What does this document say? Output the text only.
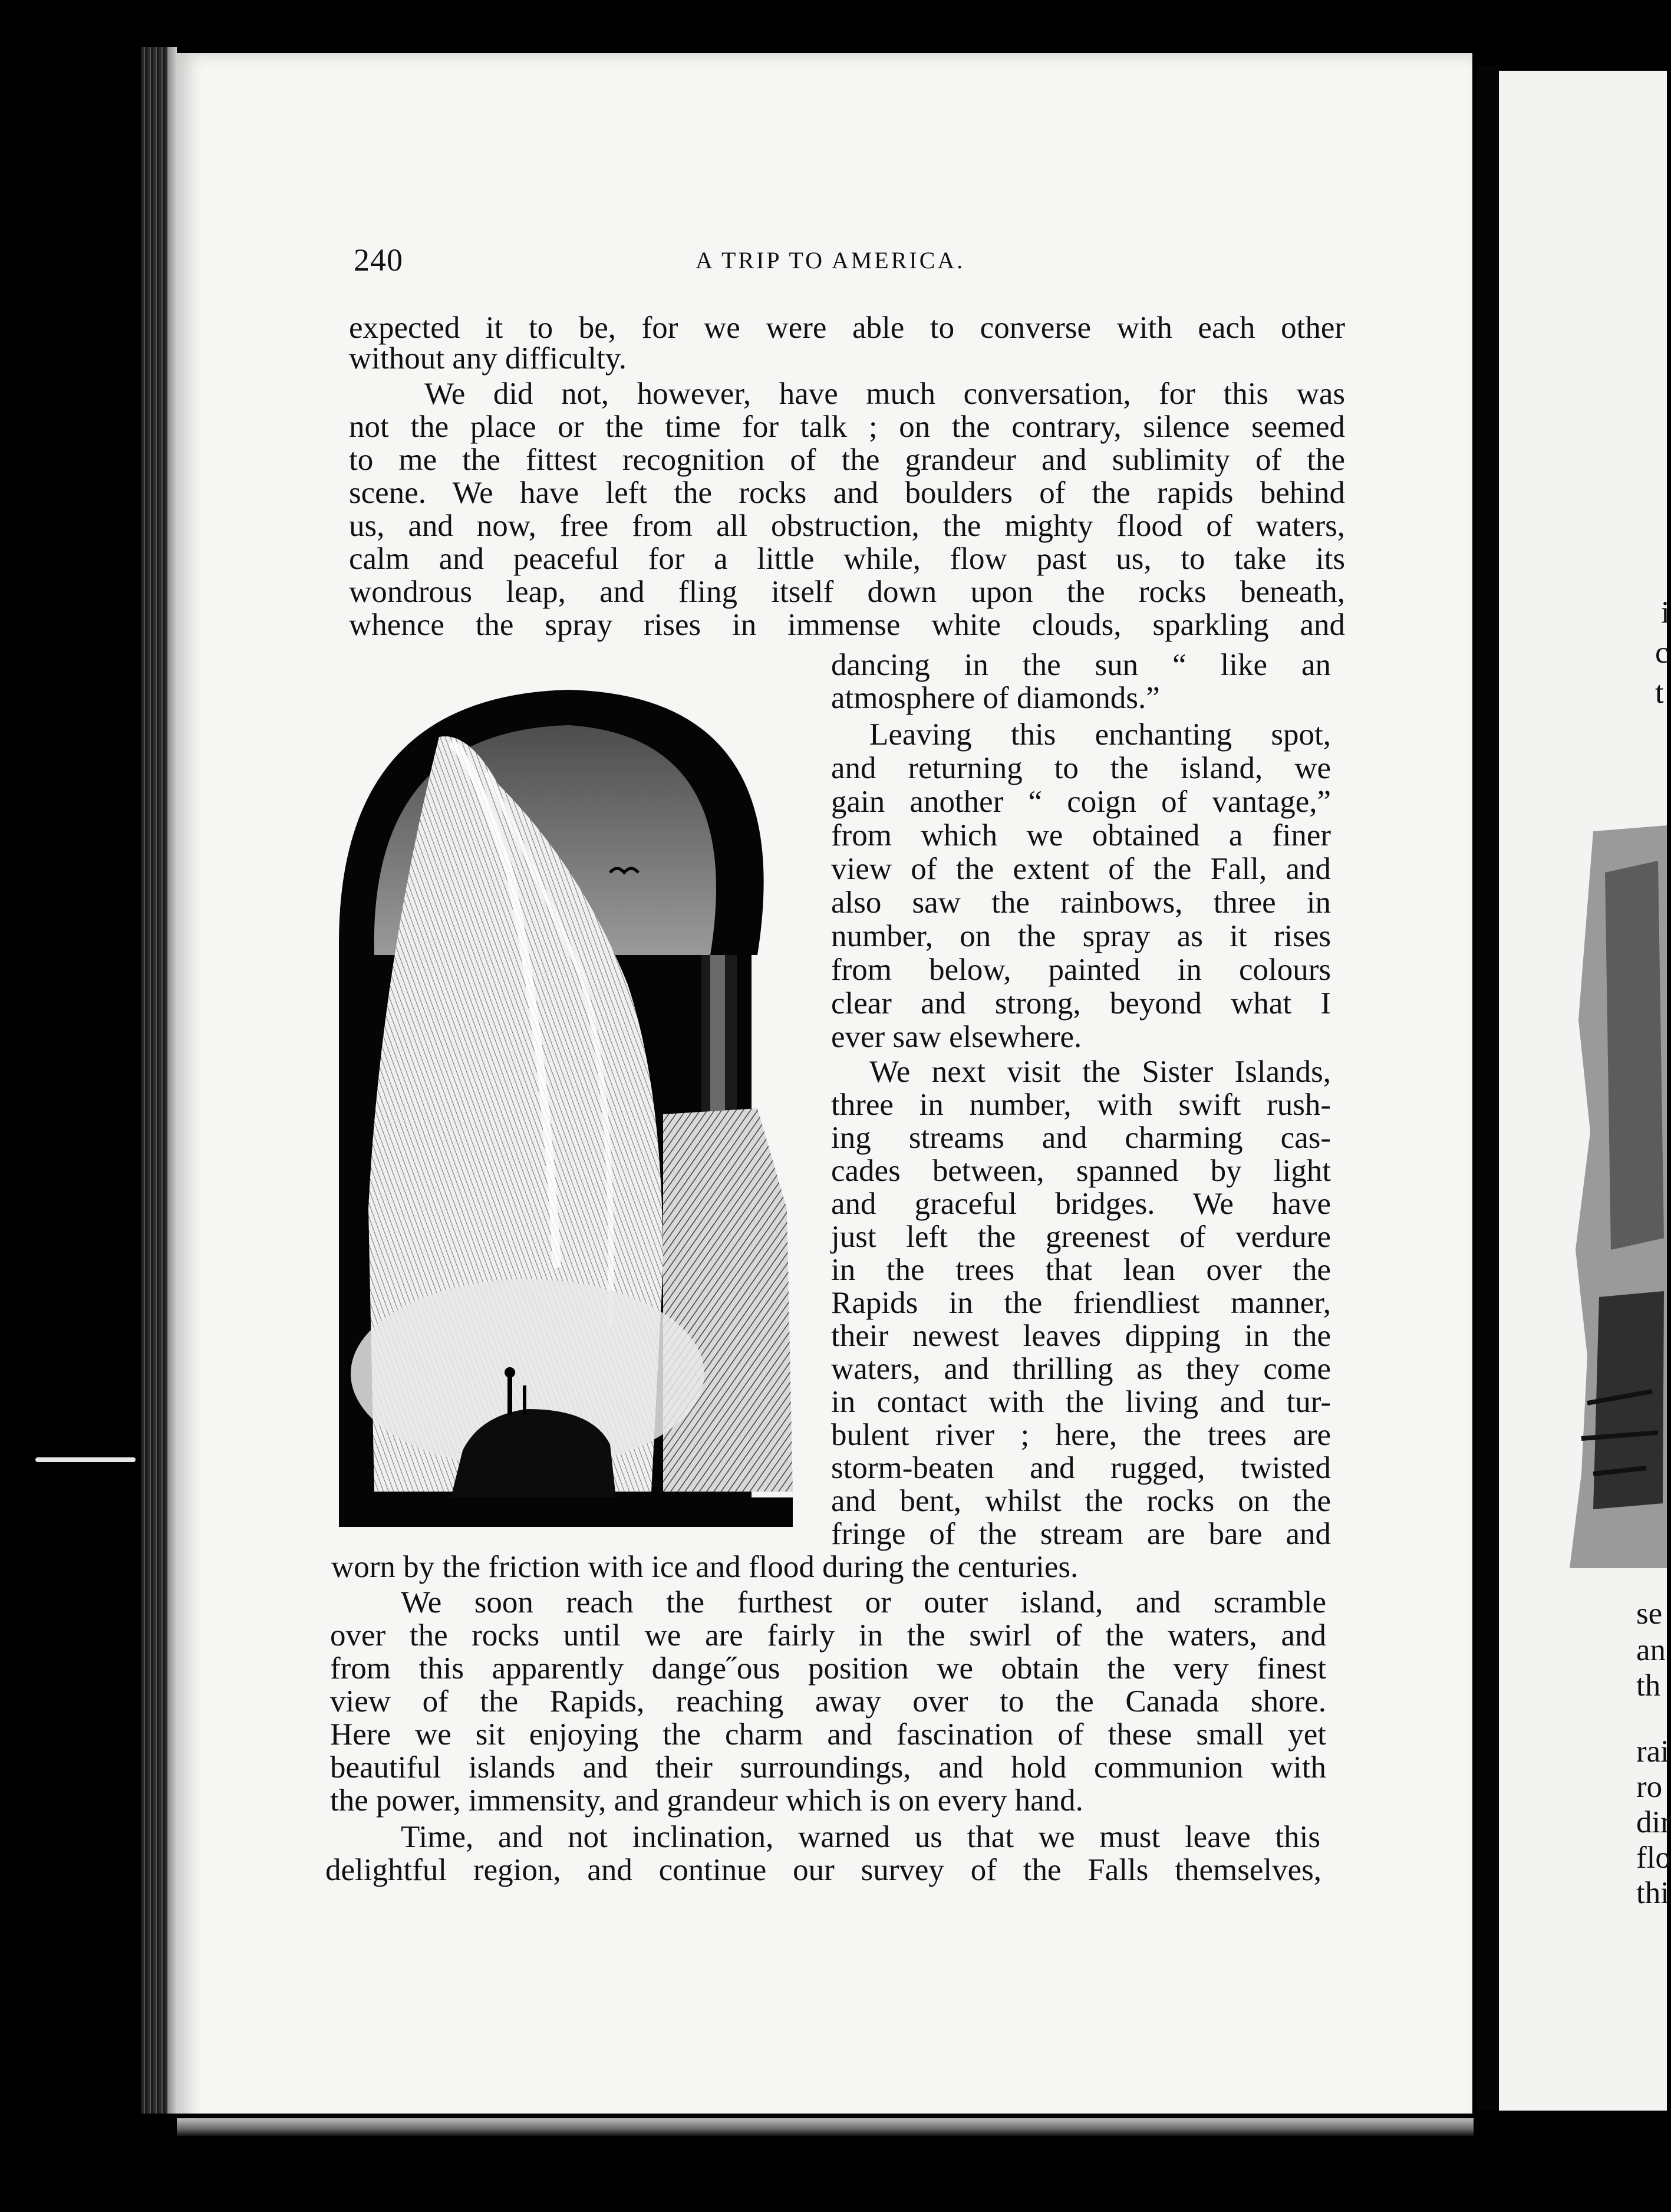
i
c
t
se
an
th
rai
ro
dir
flo
thi
240	A TRIP TO AMERICA.

expected it to be, for we were able to converse with each other

without any difficulty.

We did not, however, have much conversation, for this was

not the place or the time for talk ; on the contrary, silence seemed

to me the fittest recognition of the grandeur and sublimity of the

scene. We have left the rocks and boulders of the rapids behind

us, and now, free from all obstruction, the mighty flood of waters,

calm and peaceful for a little while, flow past us, to take its

wondrous leap, and fling itself down upon the rocks beneath,

whence the spray rises in immense white clouds, sparkling and

dancing in the sun “ like an

atmosphere of diamonds.”

Leaving this enchanting spot,

and returning to the island, we

gain another “ coign of vantage,”

from which we obtained a finer

view of the extent of the Fall, and

also saw the rainbows, three in

number, on the spray as it rises

from below, painted in colours

clear and strong, beyond what I

ever saw elsewhere.

We next visit the Sister Islands,

three in number, with swift rush-

ing streams and charming cas-

cades between, spanned by light

and graceful bridges. We have

just left the greenest of verdure

in the trees that lean over the

Rapids in the friendliest manner,

their newest leaves dipping in the

waters, and thrilling as they come

in contact with the living and tur-

bulent river ; here, the trees are

storm-beaten and rugged, twisted

and bent, whilst the rocks on the

fringe of the stream are bare and

worn by the friction with ice and flood during the centuries.

We soon reach the furthest or outer island, and scramble

over the rocks until we are fairly in the swirl of the waters, and

from this apparently dange˝ous position we obtain the very finest

view of the Rapids, reaching away over to the Canada shore.

Here we sit enjoying the charm and fascination of these small yet

beautiful islands and their surroundings, and hold communion with

the power, immensity, and grandeur which is on every hand.

Time, and not inclination, warned us that we must leave this

delightful region, and continue our survey of the Falls themselves,
